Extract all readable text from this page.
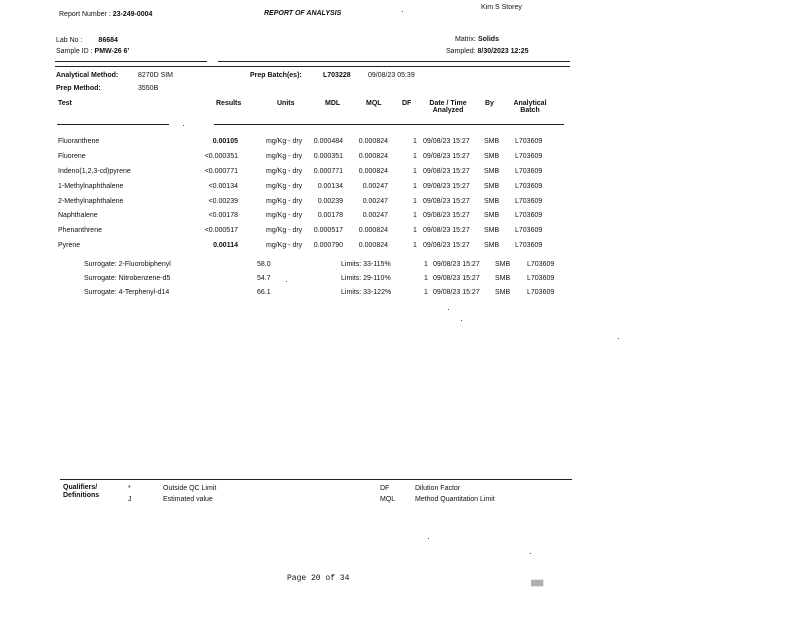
Report Number : 23-249-0004	REPORT OF ANALYSIS
Kim S Storey
Lab No : 86684
Sample ID : PMW-26 6'
Matrix: Solids
Sampled: 8/30/2023 12:25
Analytical Method:	8270D SIM	Prep Batch(es):	L703228 09/08/23 05:39
Prep Method:	3550B
Test	Results	Units	MDL	MQL	DF	Date / Time
Analyzed
By	Analytical
Batch
Fluoranthene	0.00105	mg/Kg - dry	0.000484	0.000824	1 09/08/23 15:27 SMB L703609
Fluorene	<0.000351	mg/Kg - dry	0.000351	0.000824	1 09/08/23 15:27 SMB L703609
Indeno(1,2,3-cd)pyrene	<0.000771	mg/Kg - dry	0.000771	0.000824	1 09/08/23 15:27 SMB L703609
1-Methylnaphthalene	<0.00134	mg/Kg - dry	0.00134	0.00247	1 09/08/23 15:27 SMB L703609
2-Methylnaphthalene	<0.00239	mg/Kg - dry	0.00239	0.00247	1 09/08/23 15:27 SMB L703609
Naphthalene	<0.00178	mg/Kg - dry	0.00178	0.00247	1 09/08/23 15:27 SMB L703609
Phenanthrene	<0.000517	mg/Kg - dry	0.000517	0.000824	1 09/08/23 15:27 SMB L703609
Pyrene	0.00114	mg/Kg - dry	0.000790	0.000824	1 09/08/23 15:27 SMB L703609
Surrogate: 2-Fluorobiphenyl	58.0	Limits: 33-115%	1 09/08/23 15:27 SMB L703609
Surrogate: Nitrobenzene-d5	54.7	Limits: 29-110%	1 09/08/23 15:27 SMB L703609
Surrogate: 4-Terphenyl-d14	66.1	Limits: 33-122%	1 09/08/23 15:27 SMB L703609
Qualifiers/
Definitions
*	Outside QC Limit
J	Estimated value
DF	Dilution Factor
MQL	Method Quantitation Limit
Page 20 of 34
